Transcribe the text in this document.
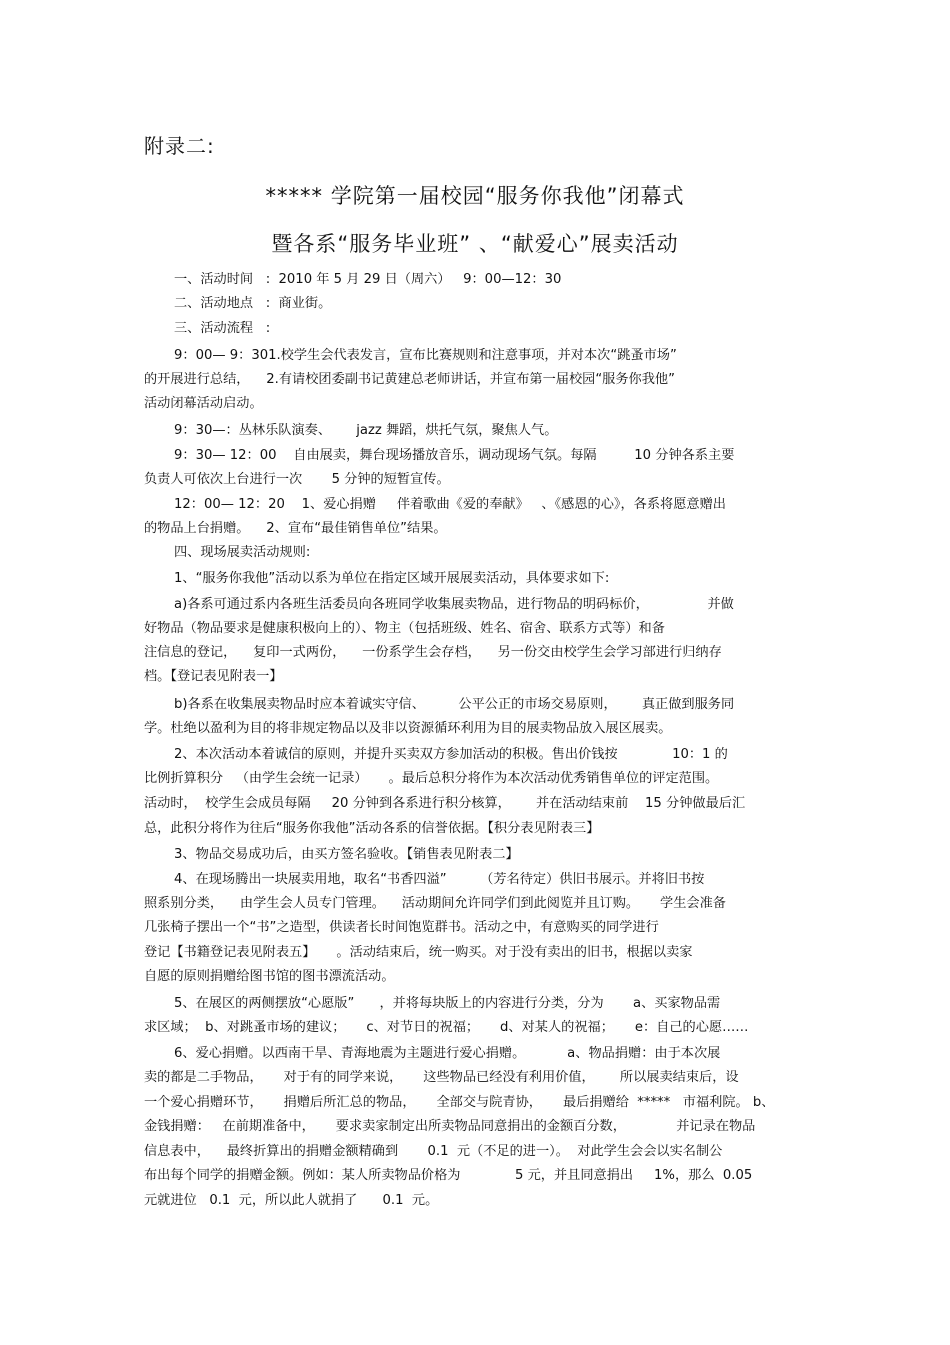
附录二:
***** 学院第一届校园“服务你我他”闭幕式
暨各系“服务毕业班” 、“献爱心”展卖活动
一、活动时间   :  2010 年 5 月 29 日（周六）   9：00—12：30
二、活动地点   :  商业街。
三、活动流程   :
9：00— 9：301.校学生会代表发言，宣布比赛规则和注意事项，并对本次“跳蚤市场”
的开展进行总结，    2.有请校团委副书记黄建总老师讲话，并宣布第一届校园“服务你我他”
活动闭幕活动启动。
9：30—：丛林乐队演奏、      jazz 舞蹈，烘托气氛，聚焦人气。
9：30— 12：00    自由展卖，舞台现场播放音乐，调动现场气氛。每隔         10 分钟各系主要
负责人可依次上台进行一次       5 分钟的短暂宣传。
12：00— 12：20    1、爱心捐赠     伴着歌曲《爱的奉献》   、《感恩的心》，各系将愿意赠出
的物品上台捐赠。    2、宣布“最佳销售单位”结果。
四、现场展卖活动规则:
1、“服务你我他”活动以系为单位在指定区域开展展卖活动，具体要求如下:
a)各系可通过系内各班生活委员向各班同学收集展卖物品，进行物品的明码标价，              并做
好物品（物品要求是健康积极向上的）、物主（包括班级、姓名、宿舍、联系方式等）和备
注信息的登记，    复印一式两份，    一份系学生会存档，    另一份交由校学生会学习部进行归纳存
档。【登记表见附表一】
b)各系在收集展卖物品时应本着诚实守信、        公平公正的市场交易原则，      真正做到服务同
学。杜绝以盈利为目的将非规定物品以及非以资源循环利用为目的展卖物品放入展区展卖。
2、本次活动本着诚信的原则，并提升买卖双方参加活动的积极。售出价钱按             10：1 的
比例折算积分   （由学生会统一记录）     。最后总积分将作为本次活动优秀销售单位的评定范围。
活动时，  校学生会成员每隔     20 分钟到各系进行积分核算，      并在活动结束前    15 分钟做最后汇
总，此积分将作为往后“服务你我他”活动各系的信誉依据。【积分表见附表三】
3、物品交易成功后，由买方签名验收。【销售表见附表二】
4、在现场腾出一块展卖用地，取名“书香四溢”        （芳名待定）供旧书展示。并将旧书按
照系别分类，    由学生会人员专门管理。    活动期间允许同学们到此阅览并且订购。     学生会准备
几张椅子摆出一个“书”之造型，供读者长时间饱览群书。活动之中，有意购买的同学进行
登记【书籍登记表见附表五】     。活动结束后，统一购买。对于没有卖出的旧书，根据以卖家
自愿的原则捐赠给图书馆的图书漂流活动。
5、在展区的两侧摆放“心愿版”      ，并将每块版上的内容进行分类，分为       a、买家物品需
求区域；  b、对跳蚤市场的建议；     c、对节日的祝福；     d、对某人的祝福；     e：自己的心愿……
6、爱心捐赠。以西南干旱、青海地震为主题进行爱心捐赠。          a、物品捐赠：由于本次展
卖的都是二手物品，     对于有的同学来说，     这些物品已经没有利用价值，      所以展卖结束后，设
一个爱心捐赠环节，     捐赠后所汇总的物品，     全部交与院青协，     最后捐赠给  *****   市福利院。 b、
金钱捐赠：   在前期准备中，     要求卖家制定出所卖物品同意捐出的金额百分数，            并记录在物品
信息表中，    最终折算出的捐赠金额精确到       0.1  元（不足的进一）。  对此学生会会以实名制公
布出每个同学的捐赠金额。例如：某人所卖物品价格为             5 元，并且同意捐出     1%，那么  0.05
元就进位   0.1  元，所以此人就捐了      0.1  元。
